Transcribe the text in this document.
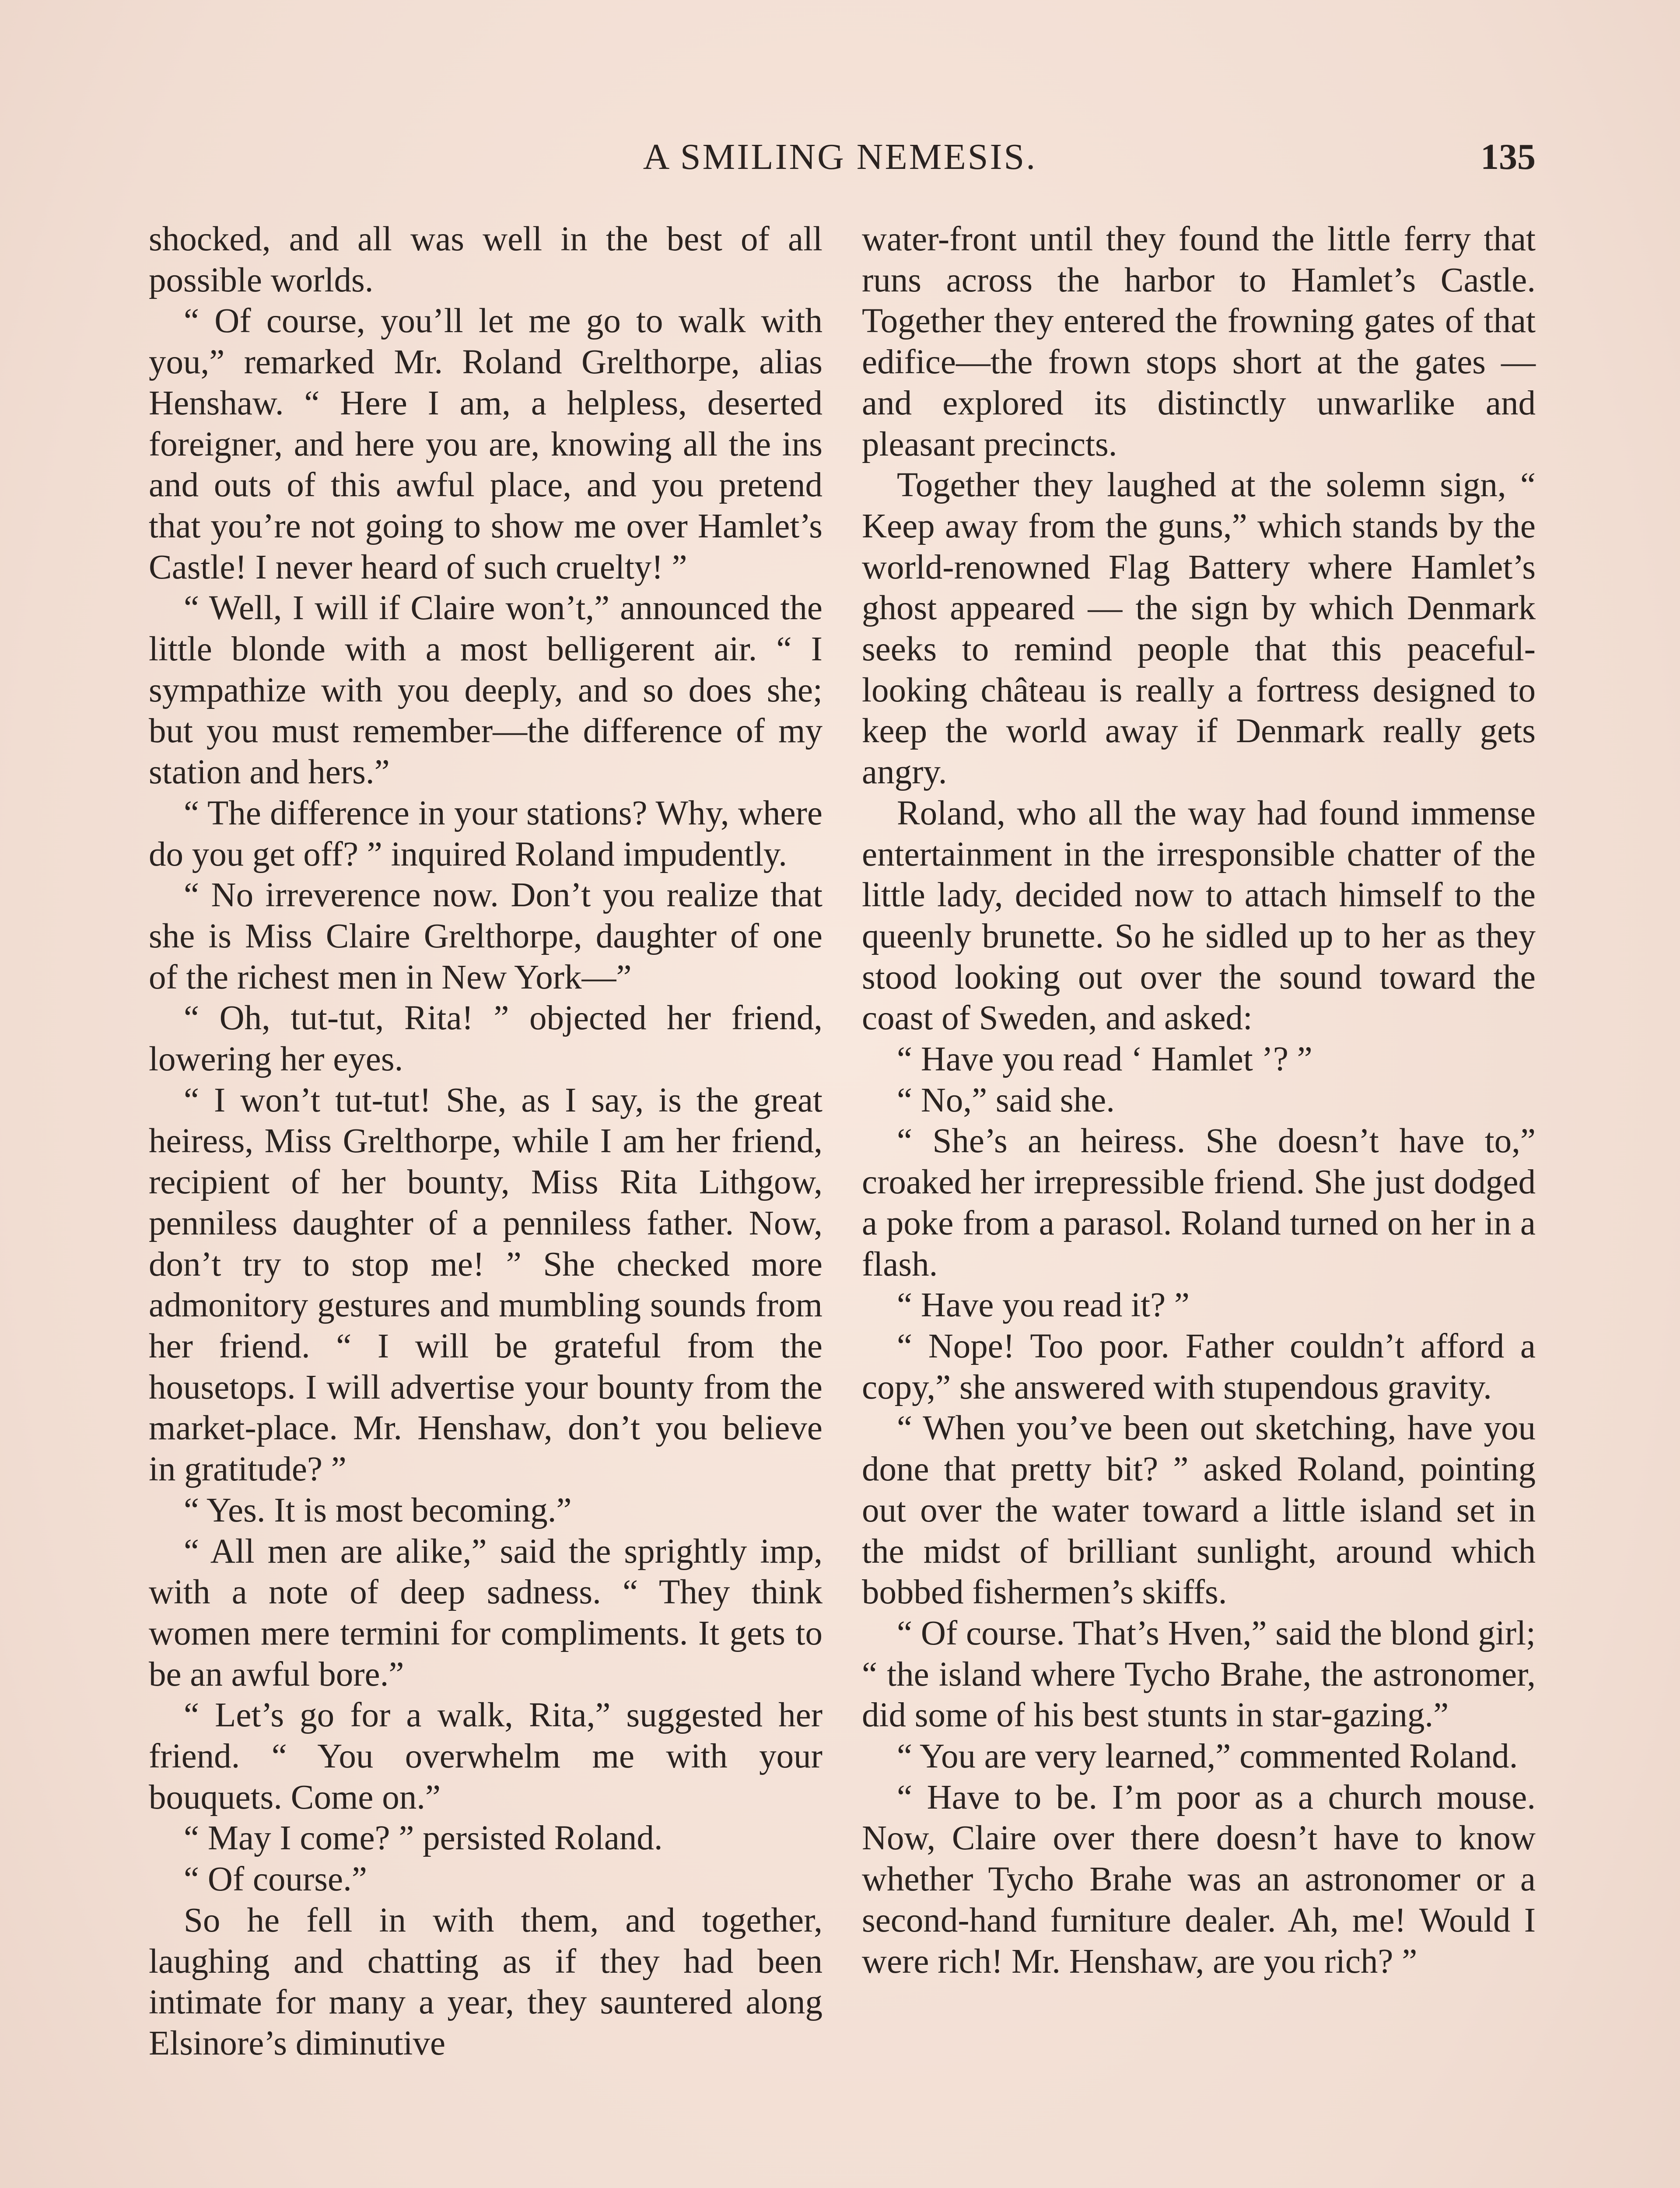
A SMILING NEMESIS.	135

shocked, and all was well in the best of all possible worlds.

“ Of course, you’ll let me go to walk with you,” remarked Mr. Roland Grelthorpe, alias Henshaw. “ Here I am, a helpless, deserted foreigner, and here you are, knowing all the ins and outs of this awful place, and you pretend that you’re not going to show me over Hamlet’s Castle! I never heard of such cruelty! ”

“ Well, I will if Claire won’t,” announced the little blonde with a most belligerent air. “ I sympathize with you deeply, and so does she; but you must remember—the difference of my station and hers.”

“ The difference in your stations? Why, where do you get off? ” inquired Roland impudently.

“ No irreverence now. Don’t you realize that she is Miss Claire Grelthorpe, daughter of one of the richest men in New York—”

“ Oh, tut-tut, Rita! ” objected her friend, lowering her eyes.

“ I won’t tut-tut! She, as I say, is the great heiress, Miss Grelthorpe, while I am her friend, recipient of her bounty, Miss Rita Lithgow, penniless daughter of a penniless father. Now, don’t try to stop me! ” She checked more admonitory gestures and mumbling sounds from her friend. “ I will be grateful from the housetops. I will advertise your bounty from the market-place. Mr. Henshaw, don’t you believe in gratitude? ”

“ Yes. It is most becoming.”

“ All men are alike,” said the sprightly imp, with a note of deep sadness. “ They think women mere termini for compliments. It gets to be an awful bore.”

“ Let’s go for a walk, Rita,” suggested her friend. “ You overwhelm me with your bouquets. Come on.”

“ May I come? ” persisted Roland.

“ Of course.”

So he fell in with them, and together, laughing and chatting as if they had been intimate for many a year, they sauntered along Elsinore’s diminutive

water-front until they found the little ferry that runs across the harbor to Hamlet’s Castle. Together they entered the frowning gates of that edifice—the frown stops short at the gates —and explored its distinctly unwarlike and pleasant precincts.

Together they laughed at the solemn sign, “ Keep away from the guns,” which stands by the world-renowned Flag Battery where Hamlet’s ghost appeared — the sign by which Denmark seeks to remind people that this peaceful-looking château is really a fortress designed to keep the world away if Denmark really gets angry.

Roland, who all the way had found immense entertainment in the irresponsible chatter of the little lady, decided now to attach himself to the queenly brunette. So he sidled up to her as they stood looking out over the sound toward the coast of Sweden, and asked:

“ Have you read ‘ Hamlet ’? ”

“ No,” said she.

“ She’s an heiress. She doesn’t have to,” croaked her irrepressible friend. She just dodged a poke from a parasol. Roland turned on her in a flash.

“ Have you read it? ”

“ Nope! Too poor. Father couldn’t afford a copy,” she answered with stupendous gravity.

“ When you’ve been out sketching, have you done that pretty bit? ” asked Roland, pointing out over the water toward a little island set in the midst of brilliant sunlight, around which bobbed fishermen’s skiffs.

“ Of course. That’s Hven,” said the blond girl; “ the island where Tycho Brahe, the astronomer, did some of his best stunts in star-gazing.”

“ You are very learned,” commented Roland.

“ Have to be. I’m poor as a church mouse. Now, Claire over there doesn’t have to know whether Tycho Brahe was an astronomer or a second-hand furniture dealer. Ah, me! Would I were rich! Mr. Henshaw, are you rich? ”
